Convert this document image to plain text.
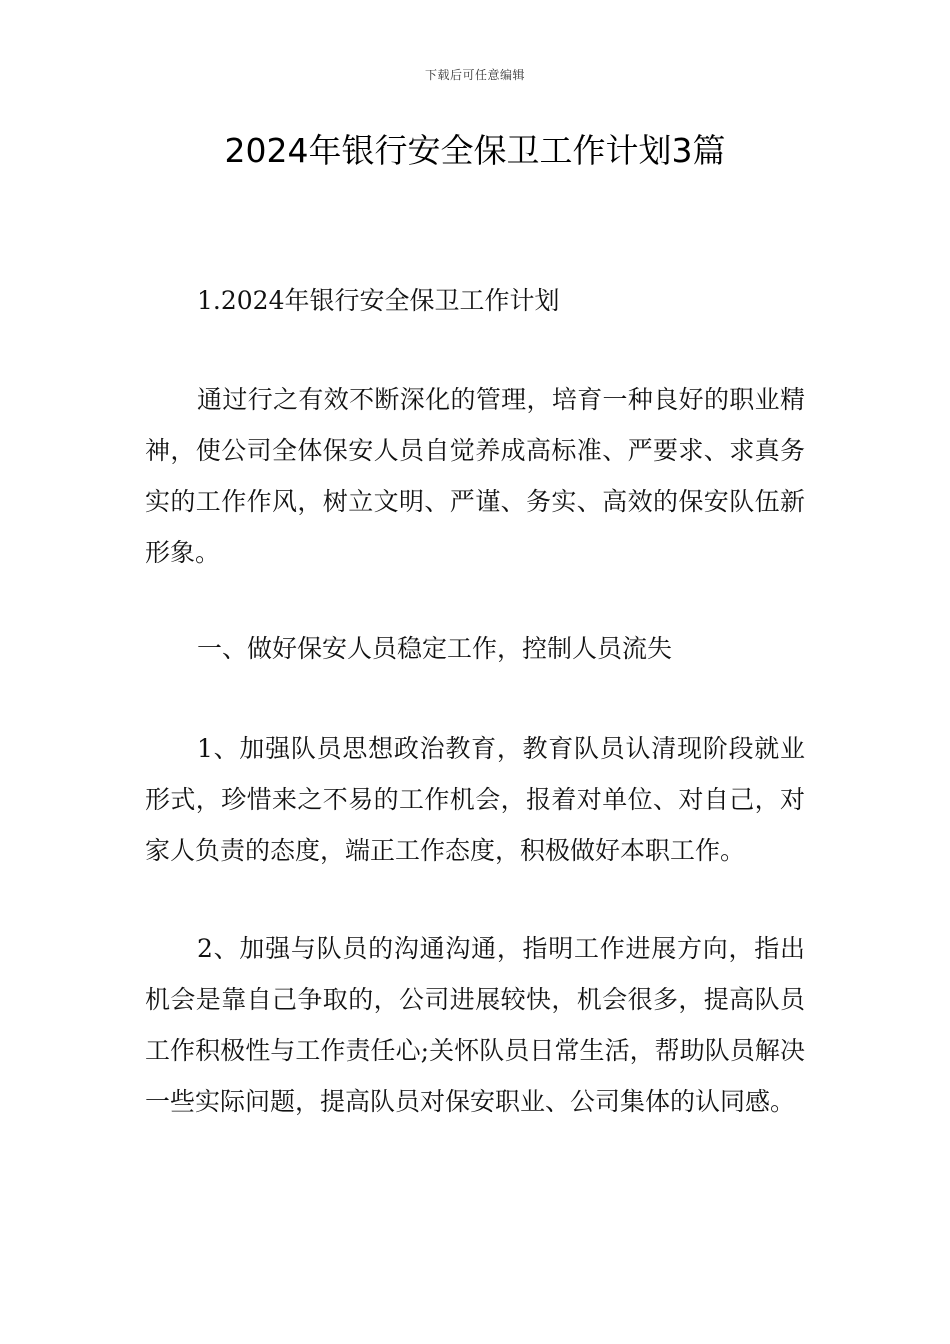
下载后可任意编辑
2024年银行安全保卫工作计划3篇

1.2024年银行安全保卫工作计划

通过行之有效不断深化的管理，培育一种良好的职业精神，使公司全体保安人员自觉养成高标准、严要求、求真务实的工作作风，树立文明、严谨、务实、高效的保安队伍新形象。

一、做好保安人员稳定工作，控制人员流失

1、加强队员思想政治教育，教育队员认清现阶段就业形式，珍惜来之不易的工作机会，报着对单位、对自己，对家人负责的态度，端正工作态度，积极做好本职工作。

2、加强与队员的沟通沟通，指明工作进展方向，指出机会是靠自己争取的，公司进展较快，机会很多，提高队员工作积极性与工作责任心;关怀队员日常生活，帮助队员解决一些实际问题，提高队员对保安职业、公司集体的认同感。
